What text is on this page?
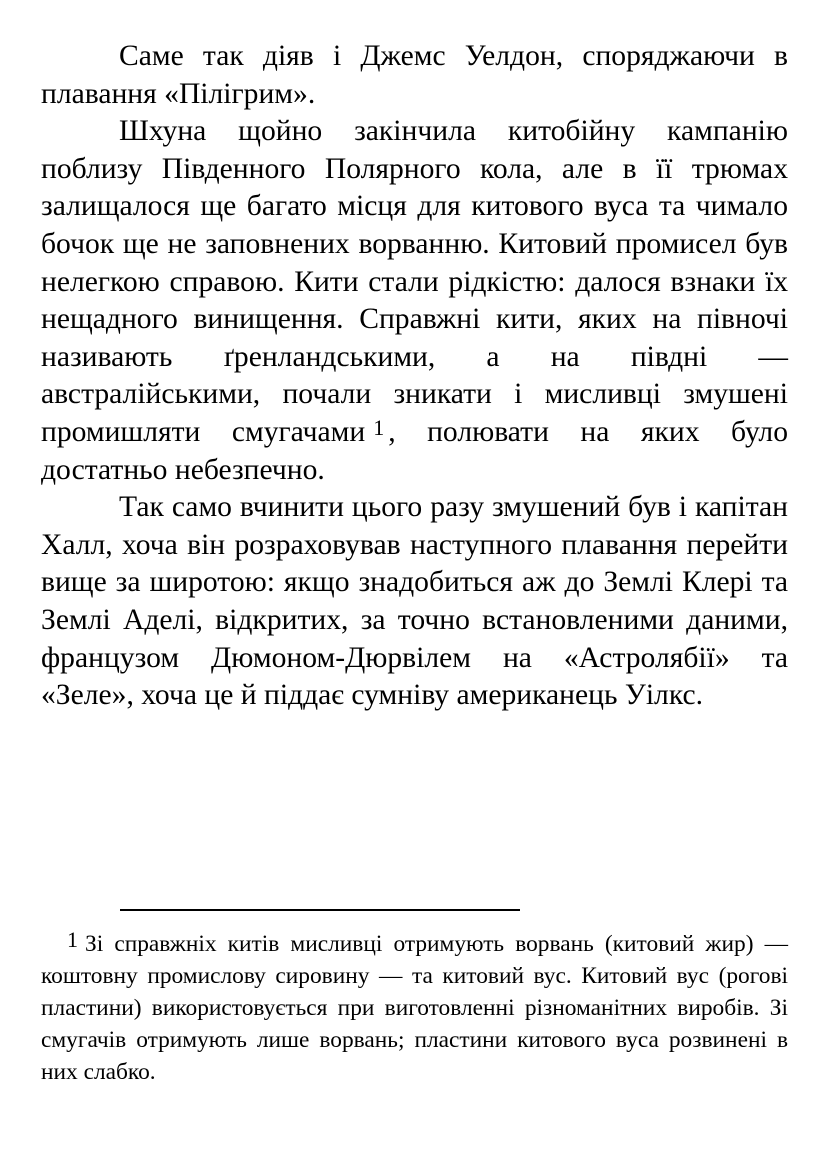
Саме так діяв і Джемс Уелдон, споряджаючи в плавання «Пілігрим».

Шхуна щойно закінчила китобійну кампанію поблизу Південного Полярного кола, але в її трюмах залищалося ще багато місця для китового вуса та чимало бочок ще не заповнених ворванню. Китовий промисел був нелегкою справою. Кити стали рідкістю: далося взнаки їх нещадного винищення. Справжні кити, яких на півночі називають ґренландськими, а на півдні — австралійськими, почали зникати і мисливці змушені промишляти смугачами $^1$ , полювати на яких було достатньо небезпечно.

Так само вчинити цього разу змушений був і капітан Халл, хоча він розраховував наступного плавання перейти вище за широтою: якщо знадобиться аж до Землі Клері та Землі Аделі, відкритих, за точно встановленими даними, французом Дюмоном-Дюрвілем на «Астролябії» та «Зеле», хоча це й піддає сумніву американець Уілкс.

1 Зі справжніх китів мисливці отримують ворвань (китовий жир) — коштовну промислову сировину — та китовий вус. Китовий вус (рогові пластини) використовується при виготовленні різноманітних виробів. Зі смугачів отримують лише ворвань; пластини китового вуса розвинені в них слабко.
